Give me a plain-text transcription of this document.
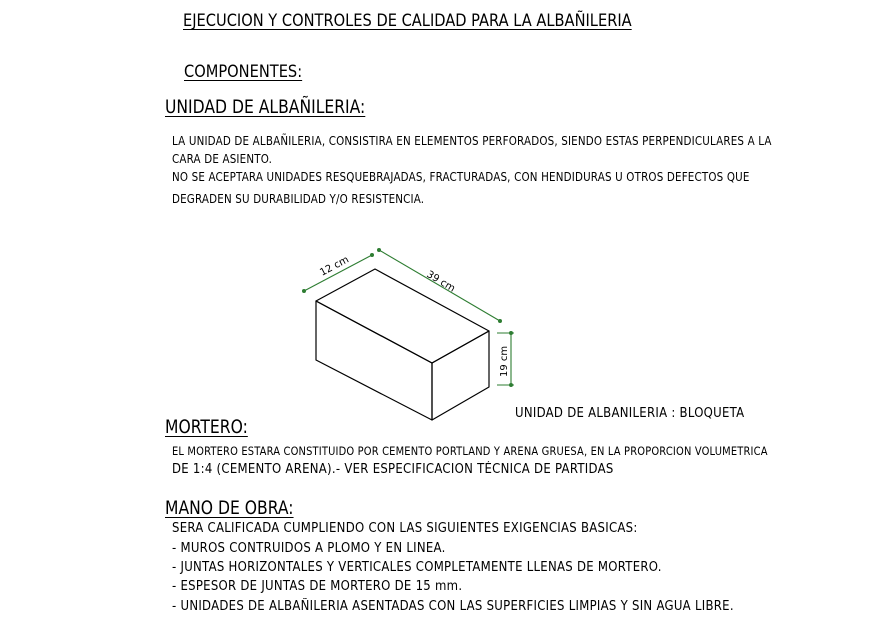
EJECUCION Y CONTROLES DE CALIDAD PARA LA ALBAÑILERIA
COMPONENTES:
UNIDAD DE ALBAÑILERIA:
LA UNIDAD DE ALBAÑILERIA, CONSISTIRA EN ELEMENTOS PERFORADOS, SIENDO ESTAS PERPENDICULARES A LA
CARA DE ASIENTO.
NO SE ACEPTARA UNIDADES RESQUEBRAJADAS, FRACTURADAS, CON HENDIDURAS U OTROS DEFECTOS QUE
DEGRADEN SU DURABILIDAD Y/O RESISTENCIA.
12 cm
39 cm
19 cm
UNIDAD DE ALBANILERIA : BLOQUETA
MORTERO:
EL MORTERO ESTARA CONSTITUIDO POR CEMENTO PORTLAND Y ARENA GRUESA, EN LA PROPORCION VOLUMETRICA
DE 1:4 (CEMENTO ARENA).- VER ESPECIFICACION TÉCNICA DE PARTIDAS
MANO DE OBRA:
SERA CALIFICADA CUMPLIENDO CON LAS SIGUIENTES EXIGENCIAS BASICAS:
- MUROS CONTRUIDOS A PLOMO Y EN LINEA.
- JUNTAS HORIZONTALES Y VERTICALES COMPLETAMENTE LLENAS DE MORTERO.
- ESPESOR DE JUNTAS DE MORTERO DE 15 mm.
- UNIDADES DE ALBAÑILERIA ASENTADAS CON LAS SUPERFICIES LIMPIAS Y SIN AGUA LIBRE.
